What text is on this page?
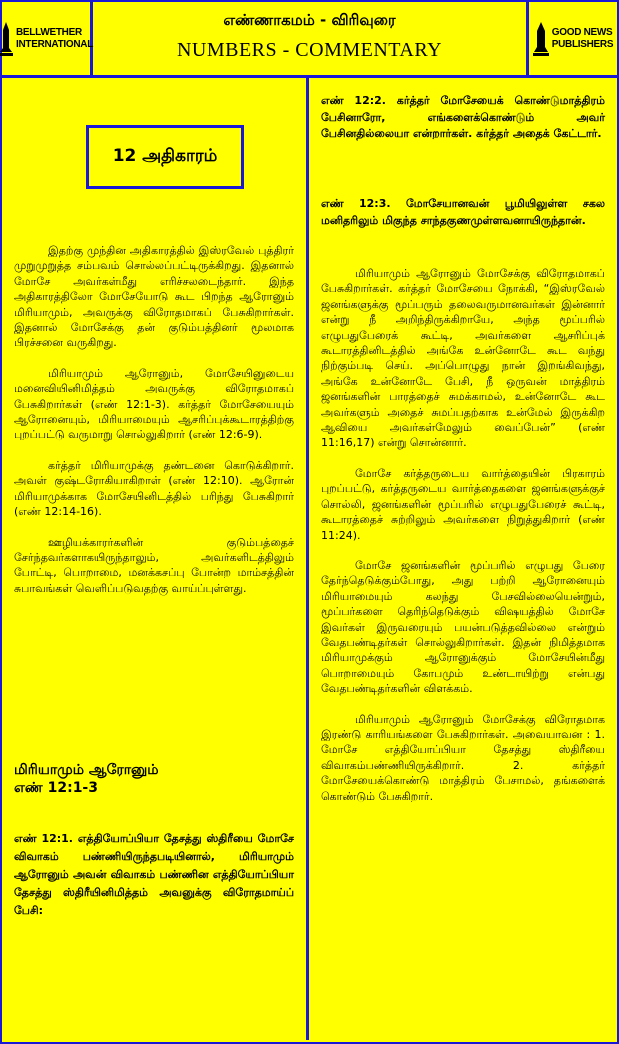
BELLWETHER
INTERNATIONAL
எண்ணாகமம் - விரிவுரை
NUMBERS - COMMENTARY
GOOD NEWS
PUBLISHERS
12 அதிகாரம்

இதற்கு முந்தின அதிகாரத்தில் இஸ்ரவேல் புத்திரர் முறுமுறுத்த சம்பவம் சொல்லப்பட்டிருக்கிறது. இதனால் மோசே அவர்கள்மீது எரிச்சலடைந்தார். இந்த அதிகாரத்திலோ மோசேயோடு கூட பிறந்த ஆரோனும் மிரியாமும், அவருக்கு விரோதமாகப் பேசுகிறார்கள். இதனால் மோசேக்கு தன் குடும்பத்தினர் மூலமாக பிரச்சனை வருகிறது.

மிரியாமும் ஆரோனும், மோசேயினுடைய மனைவியினிமித்தம் அவருக்கு விரோதமாகப் பேசுகிறார்கள் (எண் 12:1-3). கர்த்தர் மோசேயையும் ஆரோனையும், மிரியாமையும் ஆசரிப்புக்கூடாரத்திற்கு புறப்பட்டு வருமாறு சொல்லுகிறார் (எண் 12:6-9).

கர்த்தர் மிரியாமுக்கு தண்டனை கொடுக்கிறார். அவள் குஷ்டரோகியாகிறாள் (எண் 12:10). ஆரோன் மிரியாமுக்காக மோசேயினிடத்தில் பரிந்து பேசுகிறார் (எண் 12:14-16).

ஊழியக்காரர்களின் குடும்பத்தைச் சேர்ந்தவர்களாகயிருந்தாலும், அவர்களிடத்திலும் போட்டி, பொறாமை, மனக்கசப்பு போன்ற மாம்சத்தின் சுபாவங்கள் வெளிப்படுவதற்கு வாய்ப்புள்ளது.

மிரியாமும் ஆரோனும்
எண் 12:1-3
எண் 12:1. எத்தியோப்பியா தேசத்து ஸ்திரீயை மோசே விவாகம் பண்ணியிருந்தபடியினால், மிரியாமும் ஆரோனும் அவன் விவாகம் பண்ணின எத்தியோப்பியா தேசத்து ஸ்திரீயினிமித்தம் அவனுக்கு விரோதமாய்ப் பேசி:
எண் 12:2. கர்த்தர் மோசேயைக் கொண்டுமாத்திரம் பேசினாரோ, எங்களைக்கொண்டும் அவர் பேசினதில்லையா என்றார்கள். கர்த்தர் அதைக் கேட்டார்.
எண் 12:3. மோசேயானவன் பூமியிலுள்ள சகல மனிதரிலும் மிகுந்த சாந்தகுணமுள்ளவனாயிருந்தான்.

மிரியாமும் ஆரோனும் மோசேக்கு விரோதமாகப் பேசுகிறார்கள். கர்த்தர் மோசேயை நோக்கி, “இஸ்ரவேல் ஜனங்களுக்கு மூப்பரும் தலைவருமானவர்கள் இன்னார் என்று நீ அறிந்திருக்கிறாயே, அந்த மூப்பரில் எழுபதுபேரைக் கூட்டி, அவர்களை ஆசரிப்புக் கூடாரத்தினிடத்தில் அங்கே உன்னோடே கூட வந்து நிற்கும்படி செய். அப்பொழுது நான் இறங்கிவந்து, அங்கே உன்னோடே பேசி, நீ ஒருவன் மாத்திரம் ஜனங்களின் பாரத்தைச் சுமக்காமல், உன்னோடே கூட அவர்களும் அதைச் சுமப்பதற்காக உன்மேல் இருக்கிற ஆவியை அவர்கள்மேலும் வைப்பேன்” (எண் 11:16,17) என்று சொன்னார்.

மோசே கர்த்தருடைய வார்த்தையின் பிரகாரம் புறப்பட்டு, கர்த்தருடைய வார்த்தைகளை ஜனங்களுக்குச் சொல்லி, ஜனங்களின் மூப்பரில் எழுபதுபேரைச் கூட்டி, கூடாரத்தைச் சுற்றிலும் அவர்களை நிறுத்துகிறார் (எண் 11:24).

மோசே ஜனங்களின் மூப்பரில் எழுபது பேரை தேர்ந்தெடுக்கும்போது, அது பற்றி ஆரோனையும் மிரியாமையும் கலந்து பேசவில்லையென்றும், மூப்பர்களை தெரிந்தெடுக்கும் விஷயத்தில் மோசே இவர்கள் இருவரையும் பயன்படுத்தவில்லை என்றும் வேதபண்டிதர்கள் சொல்லுகிறார்கள். இதன் நிமித்தமாக மிரியாமுக்கும் ஆரோனுக்கும் மோசேயின்மீது பொறாமையும் கோபமும் உண்டாயிற்று என்பது வேதபண்டிதர்களின் விளக்கம்.

மிரியாமும் ஆரோனும் மோசேக்கு விரோதமாக இரண்டு காரியங்களை பேசுகிறார்கள். அவையாவன : 1. மோசே எத்தியோப்பியா தேசத்து ஸ்திரீயை விவாகம்பண்ணியிருக்கிறார். 2. கர்த்தர் மோசேயைக்கொண்டு மாத்திரம் பேசாமல், தங்களைக் கொண்டும் பேசுகிறார்.
